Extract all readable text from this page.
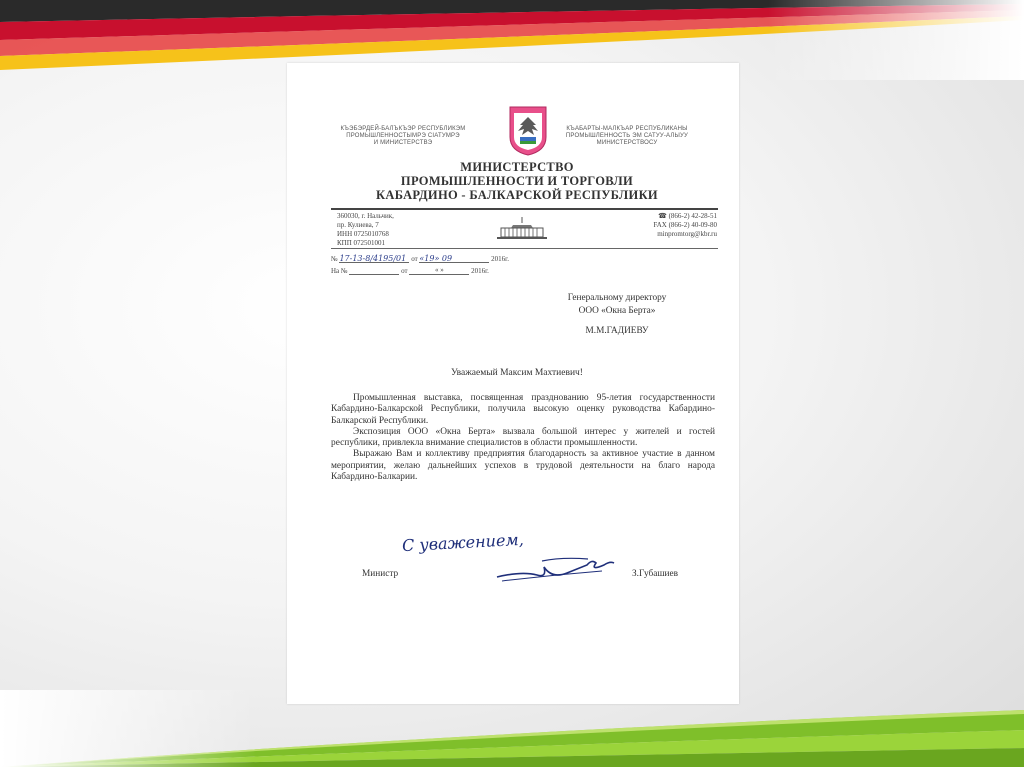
КЪЭБЭРДЕЙ-БАЛЪКЪЭР РЕСПУБЛИКЭМ
ПРОМЫШЛЕННОСТЫМРЭ СӀАТУМРЭ
И МИНИСТЕРСТВЭ
КЪАБАРТЫ-МАЛКЪАР РЕСПУБЛИКАНЫ
ПРОМЫШЛЕННОСТЬ ЭМ САТУУ-АЛЫУУ
МИНИСТЕРСТВОСУ
МИНИСТЕРСТВО
ПРОМЫШЛЕННОСТИ И ТОРГОВЛИ
КАБАРДИНО - БАЛКАРСКОЙ РЕСПУБЛИКИ
360030, г. Нальчик,
пр. Кулиева, 7
ИНН 0725010768
КПП 072501001
☎ (866-2) 42-28-51
FAX (866-2) 40-09-80
minpromtorg@kbr.ru
№ 17-13-8/4195/01 от «19» 09	2016г.
На №	от	« »	2016г.
Генеральному директору
ООО «Окна Берта»
М.М.ГАДИЕВУ
Уважаемый Максим Махтиевич!

Промышленная выставка, посвященная празднованию 95-летия государственности Кабардино-Балкарской Республики, получила высокую оценку руководства Кабардино-Балкарской Республики.

Экспозиция ООО «Окна Берта» вызвала большой интерес у жителей и гостей республики, привлекла внимание специалистов в области промышленности.

Выражаю Вам и коллективу предприятия благодарность за активное участие в данном мероприятии, желаю дальнейших успехов в трудовой деятельности на благо народа Кабардино-Балкарии.

С уважением,
Министр	З.Губашиев
